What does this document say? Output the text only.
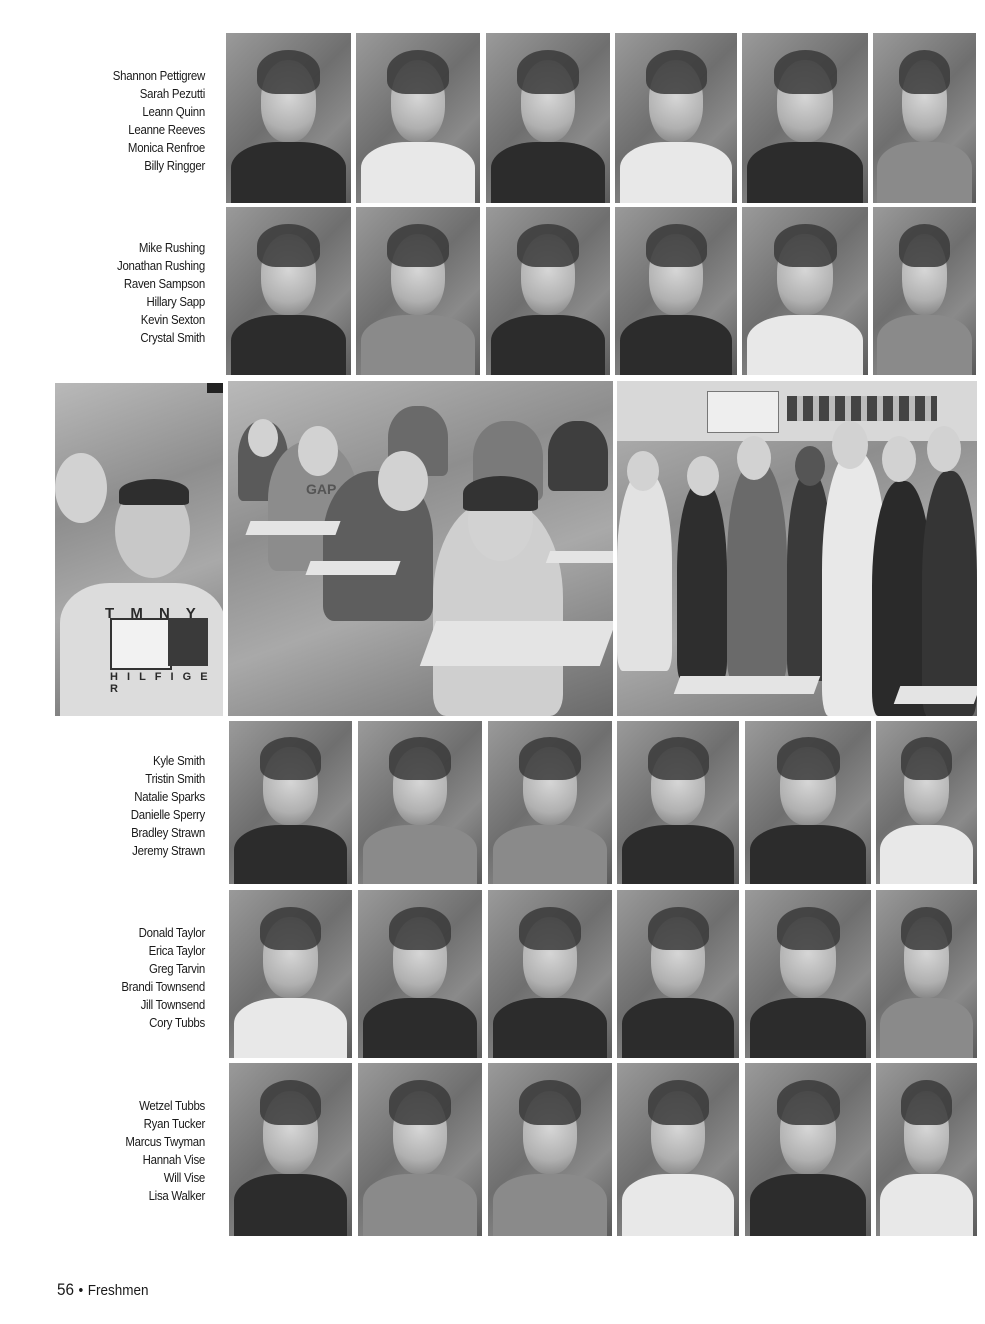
Shannon Pettigrew
Sarah Pezutti
Leann Quinn
Leanne Reeves
Monica Renfroe
Billy Ringger
Mike Rushing
Jonathan Rushing
Raven Sampson
Hillary Sapp
Kevin Sexton
Crystal Smith
T M N Y
H I L F I G E R
GAP
Kyle Smith
Tristin Smith
Natalie Sparks
Danielle Sperry
Bradley Strawn
Jeremy Strawn
Donald Taylor
Erica Taylor
Greg Tarvin
Brandi Townsend
Jill Townsend
Cory Tubbs
Wetzel Tubbs
Ryan Tucker
Marcus Twyman
Hannah Vise
Will Vise
Lisa Walker
56 • Freshmen
